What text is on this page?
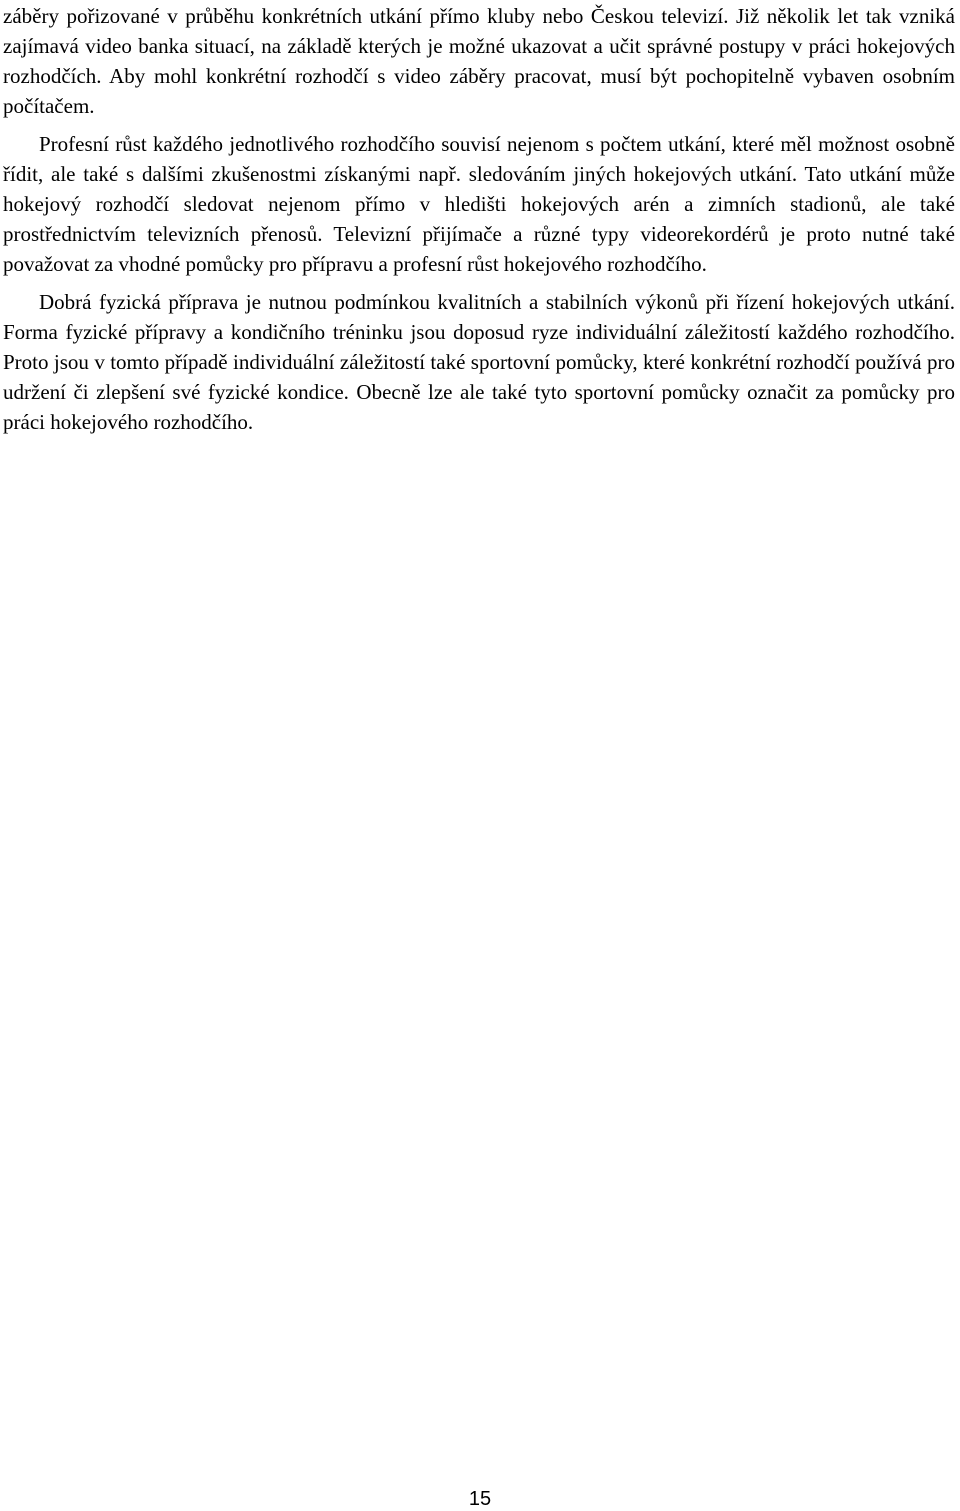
záběry pořizované v průběhu konkrétních utkání přímo kluby nebo Českou televizí. Již několik let tak vzniká zajímavá video banka situací, na základě kterých je možné ukazovat a učit správné postupy v práci hokejových rozhodčích. Aby mohl konkrétní rozhodčí s video záběry pracovat, musí být pochopitelně vybaven osobním počítačem.

Profesní růst každého jednotlivého rozhodčího souvisí nejenom s počtem utkání, které měl možnost osobně řídit, ale také s dalšími zkušenostmi získanými např. sledováním jiných hokejových utkání. Tato utkání může hokejový rozhodčí sledovat nejenom přímo v hledišti hokejových arén a zimních stadionů, ale také prostřednictvím televizních přenosů. Televizní přijímače a různé typy videorekordérů je proto nutné také považovat za vhodné pomůcky pro přípravu a profesní růst hokejového rozhodčího.

Dobrá fyzická příprava je nutnou podmínkou kvalitních a stabilních výkonů při řízení hokejových utkání. Forma fyzické přípravy a kondičního tréninku jsou doposud ryze individuální záležitostí každého rozhodčího. Proto jsou v tomto případě individuální záležitostí také sportovní pomůcky, které konkrétní rozhodčí používá pro udržení či zlepšení své fyzické kondice. Obecně lze ale také tyto sportovní pomůcky označit za pomůcky pro práci hokejového rozhodčího.

15
